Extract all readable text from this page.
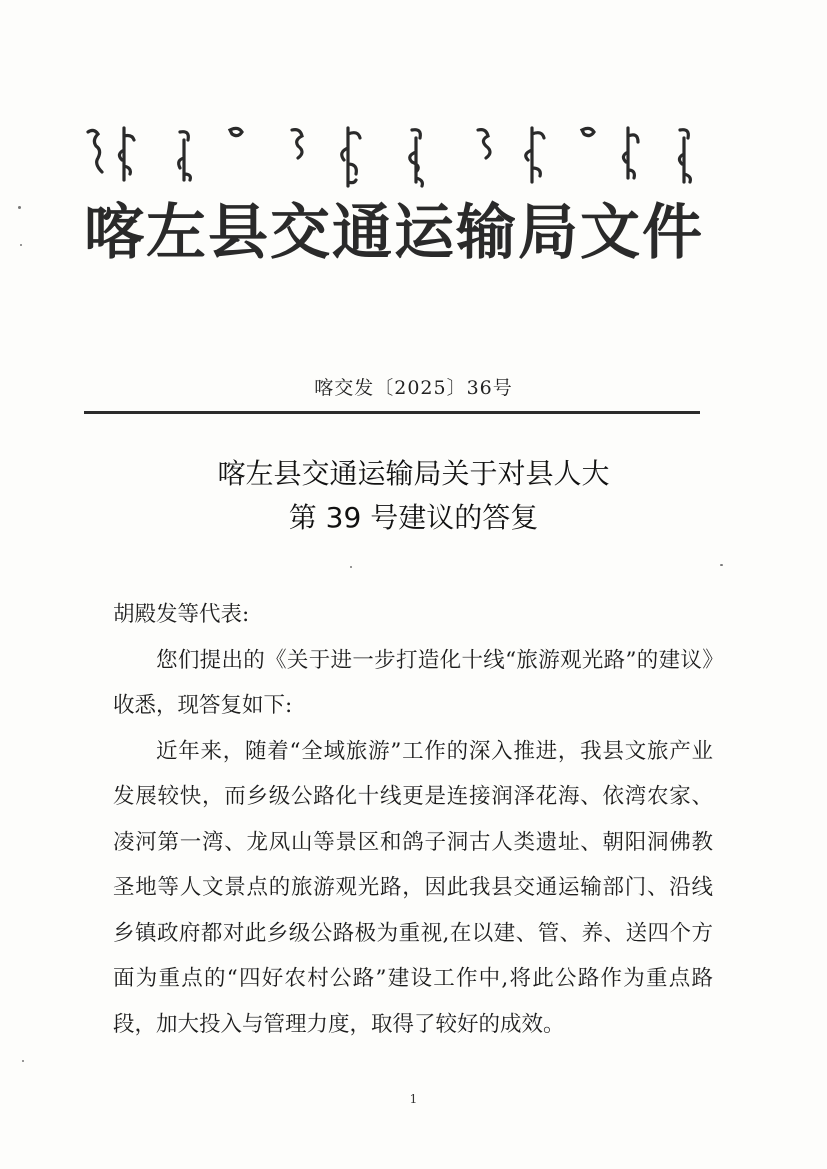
喀左县交通运输局文件
喀交发〔2025〕36号
喀左县交通运输局关于对县人大
第 39 号建议的答复

胡殿发等代表:

您们提出的《关于进一步打造化十线“旅游观光路”的建议》收悉，现答复如下:

近年来，随着“全域旅游”工作的深入推进，我县文旅产业发展较快，而乡级公路化十线更是连接润泽花海、依湾农家、凌河第一湾、龙凤山等景区和鸽子洞古人类遗址、朝阳洞佛教圣地等人文景点的旅游观光路，因此我县交通运输部门、沿线乡镇政府都对此乡级公路极为重视,在以建、管、养、送四个方面为重点的“四好农村公路”建设工作中,将此公路作为重点路段，加大投入与管理力度，取得了较好的成效。

1
